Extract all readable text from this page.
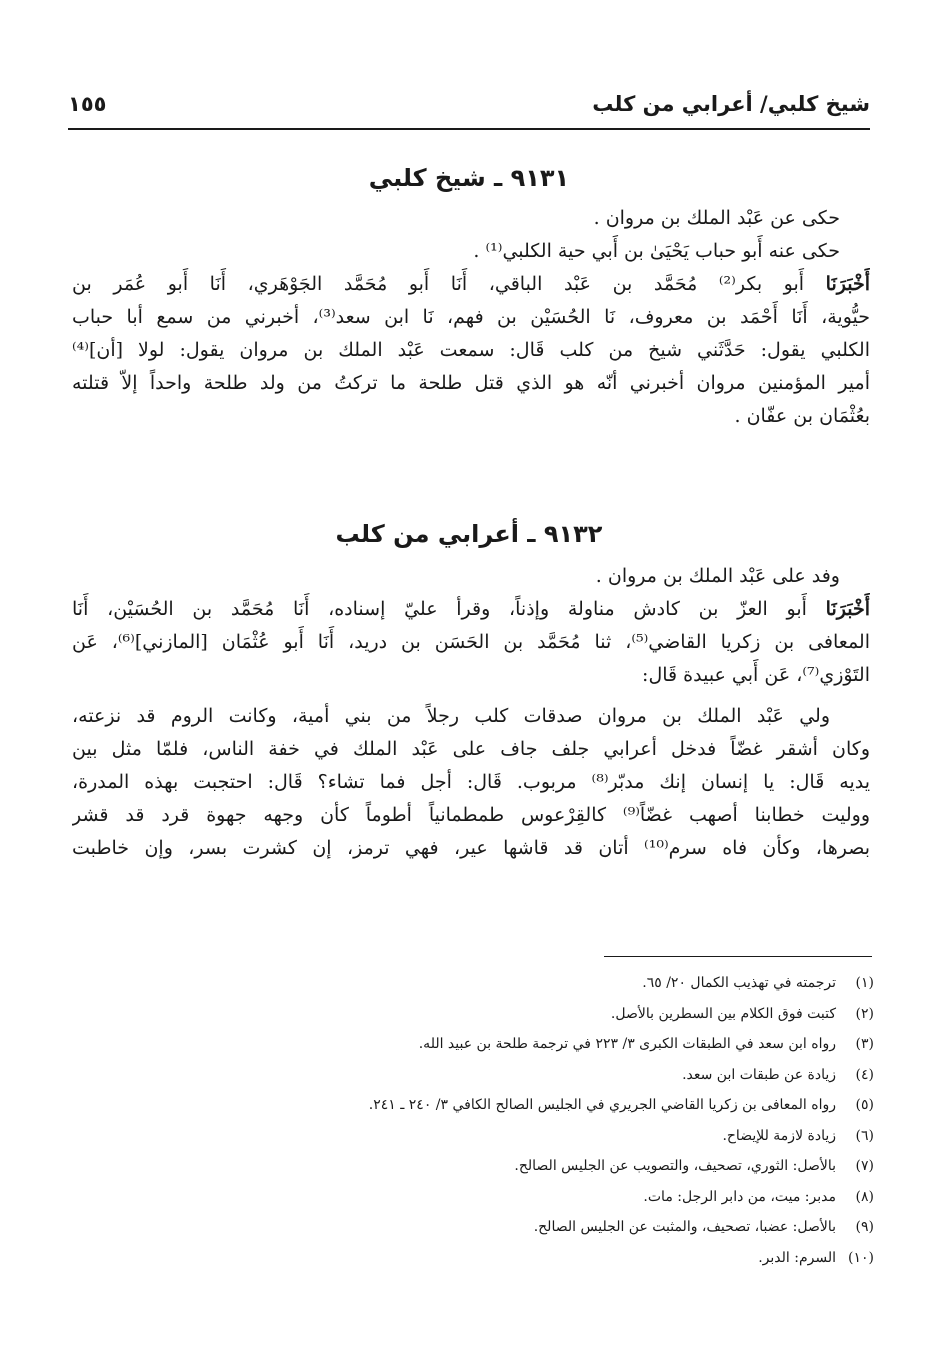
شيخ كلبي/ أعرابي من كلب
١٥٥
٩١٣١ ـ شيخ كلبي
حكى عن عَبْد الملك بن مروان .
حكى عنه أَبو حباب يَحْيَىٰ بن أَبي حية الكلبي⁽¹⁾ .
أَخْبَرَنَا أَبو بكر⁽²⁾ مُحَمَّد بن عَبْد الباقي، أَنَا أَبو مُحَمَّد الجَوْهَري، أَنَا أَبو عُمَر بن
حيُّوية، أَنَا أَحْمَد بن معروف، نَا الحُسَيْن بن فهم، نَا ابن سعد⁽³⁾، أخبرني من سمع أبا حباب
الكلبي يقول: حَدَّثَني شيخ من كلب قَال: سمعت عَبْد الملك بن مروان يقول: لولا [أن]⁽⁴⁾
أمير المؤمنين مروان أخبرني أنّه هو الذي قتل طلحة ما تركتُ من ولد طلحة واحداً إلاّ قتلته
بعُثْمَان بن عفّان .
٩١٣٢ ـ أعرابي من كلب
وفد على عَبْد الملك بن مروان .
أَخْبَرَنَا أَبو العزّ بن كادش مناولة وإذناً، وقرأ عليّ إسناده، أَنَا مُحَمَّد بن الحُسَيْن، أَنَا
المعافى بن زكريا القاضي⁽⁵⁾، ثنا مُحَمَّد بن الحَسَن بن دريد، أَنَا أَبو عُثْمَان [المازني]⁽⁶⁾، عَن
التَوْزي⁽⁷⁾، عَن أَبي عبيدة قَال:
ولي عَبْد الملك بن مروان صدقات كلب رجلاً من بني أمية، وكانت الروم قد نزعته،
وكان أشقر غضّاً فدخل أعرابي جلف جاف على عَبْد الملك في خفة الناس، فلمّا مثل بين
يديه قَال: يا إنسان إنك مدبّر⁽⁸⁾ مربوب. قَال: أجل فما تشاء؟ قَال: احتجبت بهذه المدرة،
ووليت خطابنا أصهب غضّاً⁽⁹⁾ كالقِرْعوس طمطمانياً أطوماً كأن وجهه جهوة قرد قد قشر
بصرها، وكأن فاه سرم⁽¹⁰⁾ أتان قد قاشها عير، فهي ترمز، إن كشرت بسر، وإن خاطبت
(١)ترجمته في تهذيب الكمال ٢٠/ ٦٥.
(٢)كتبت فوق الكلام بين السطرين بالأصل.
(٣)رواه ابن سعد في الطبقات الكبرى ٣/ ٢٢٣ في ترجمة طلحة بن عبيد الله.
(٤)زيادة عن طبقات ابن سعد.
(٥)رواه المعافى بن زكريا القاضي الجريري في الجليس الصالح الكافي ٣/ ٢٤٠ ـ ٢٤١.
(٦)زيادة لازمة للإيضاح.
(٧)بالأصل: الثوري، تصحيف، والتصويب عن الجليس الصالح.
(٨)مدبر: ميت، من دابر الرجل: مات.
(٩)بالأصل: عضبا، تصحيف، والمثبت عن الجليس الصالح.
(١٠)السرم: الدبر.
